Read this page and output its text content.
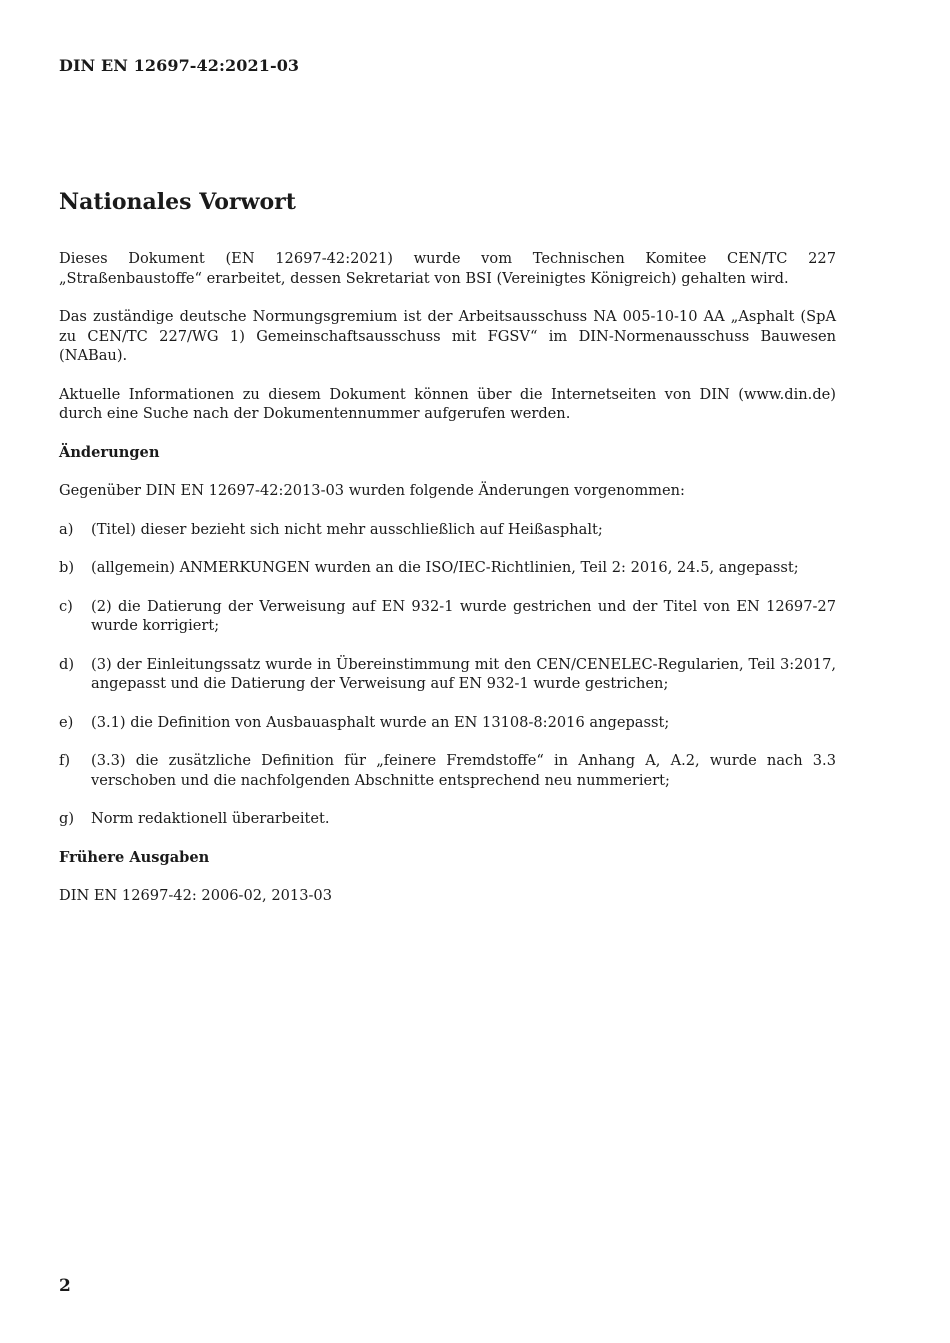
DIN EN 12697-42:2021-03
Nationales Vorwort

Dieses Dokument (EN 12697-42:2021) wurde vom Technischen Komitee CEN/TC 227 „Straßenbaustoffe“ erarbeitet, dessen Sekretariat von BSI (Vereinigtes Königreich) gehalten wird.

Das zuständige deutsche Normungsgremium ist der Arbeitsausschuss NA 005-10-10 AA „Asphalt (SpA zu CEN/TC 227/WG 1) Gemeinschaftsausschuss mit FGSV“ im DIN-Normenausschuss Bauwesen (NABau).

Aktuelle Informationen zu diesem Dokument können über die Internetseiten von DIN (www.din.de) durch eine Suche nach der Dokumentennummer aufgerufen werden.

Änderungen

Gegenüber DIN EN 12697-42:2013-03 wurden folgende Änderungen vorgenommen:

a)	(Titel) dieser bezieht sich nicht mehr ausschließlich auf Heißasphalt;
b)	(allgemein) ANMERKUNGEN wurden an die ISO/IEC-Richtlinien, Teil 2: 2016, 24.5, angepasst;
c)	(2) die Datierung der Verweisung auf EN 932-1 wurde gestrichen und der Titel von EN 12697-27 wurde korrigiert;
d)	(3) der Einleitungssatz wurde in Übereinstimmung mit den CEN/CENELEC-Regularien, Teil 3:2017, angepasst und die Datierung der Verweisung auf EN 932-1 wurde gestrichen;
e)	(3.1) die Definition von Ausbauasphalt wurde an EN 13108-8:2016 angepasst;
f)	(3.3) die zusätzliche Definition für „feinere Fremdstoffe“ in Anhang A, A.2, wurde nach 3.3 verschoben und die nachfolgenden Abschnitte entsprechend neu nummeriert;
g)	Norm redaktionell überarbeitet.
Frühere Ausgaben

DIN EN 12697-42: 2006-02, 2013-03

2
